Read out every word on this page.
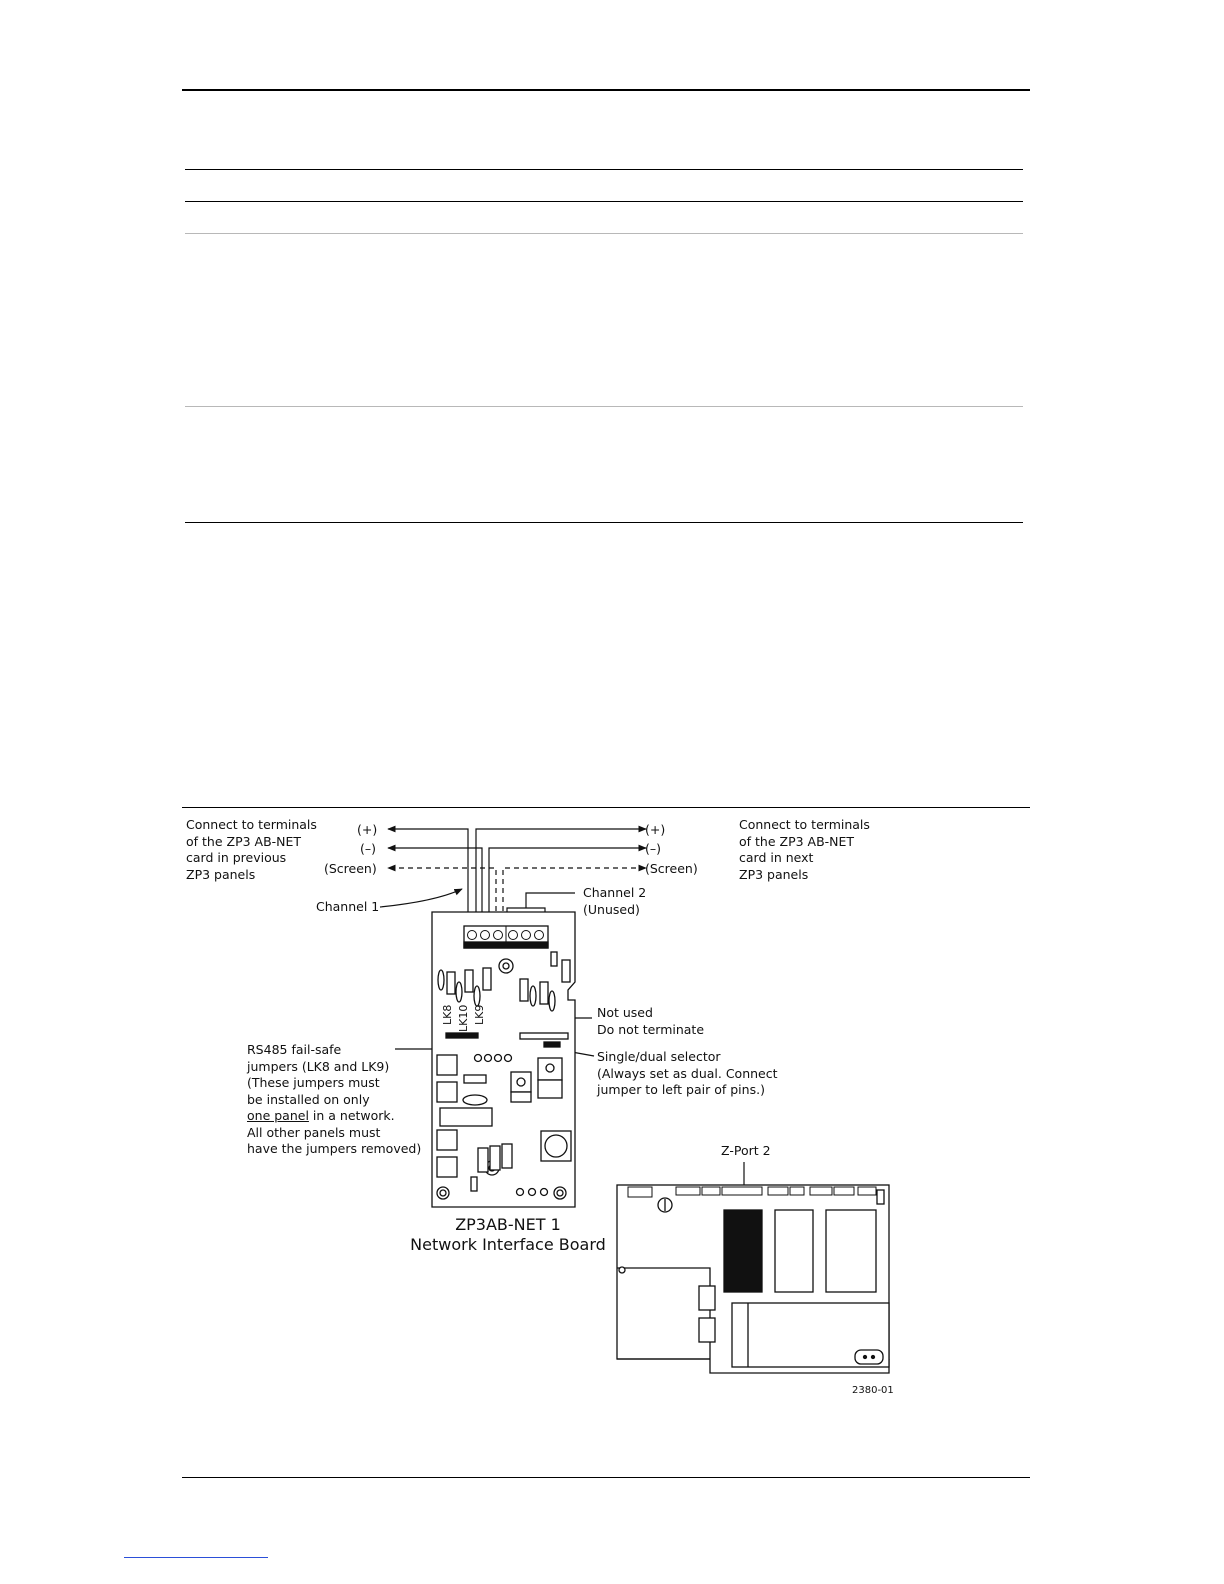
Connect to terminals
of the ZP3 AB-NET
card in previous
ZP3 panels
Connect to terminals
of the ZP3 AB-NET
card in next
ZP3 panels
(+)
(–)
(Screen)
(+)
(–)
(Screen)
Channel 1
Channel 2
(Unused)
LK8 LK10 LK9	Not used
Do not terminate
Single/dual selector
(Always set as dual. Connect
jumper to left pair of pins.)
RS485 fail-safe
jumpers (LK8 and LK9)
(These jumpers must
be installed on only
one panel in a network.
All other panels must
have the jumpers removed)
ZP3AB-NET 1
Network Interface Board
Z-Port 2
2380-01
